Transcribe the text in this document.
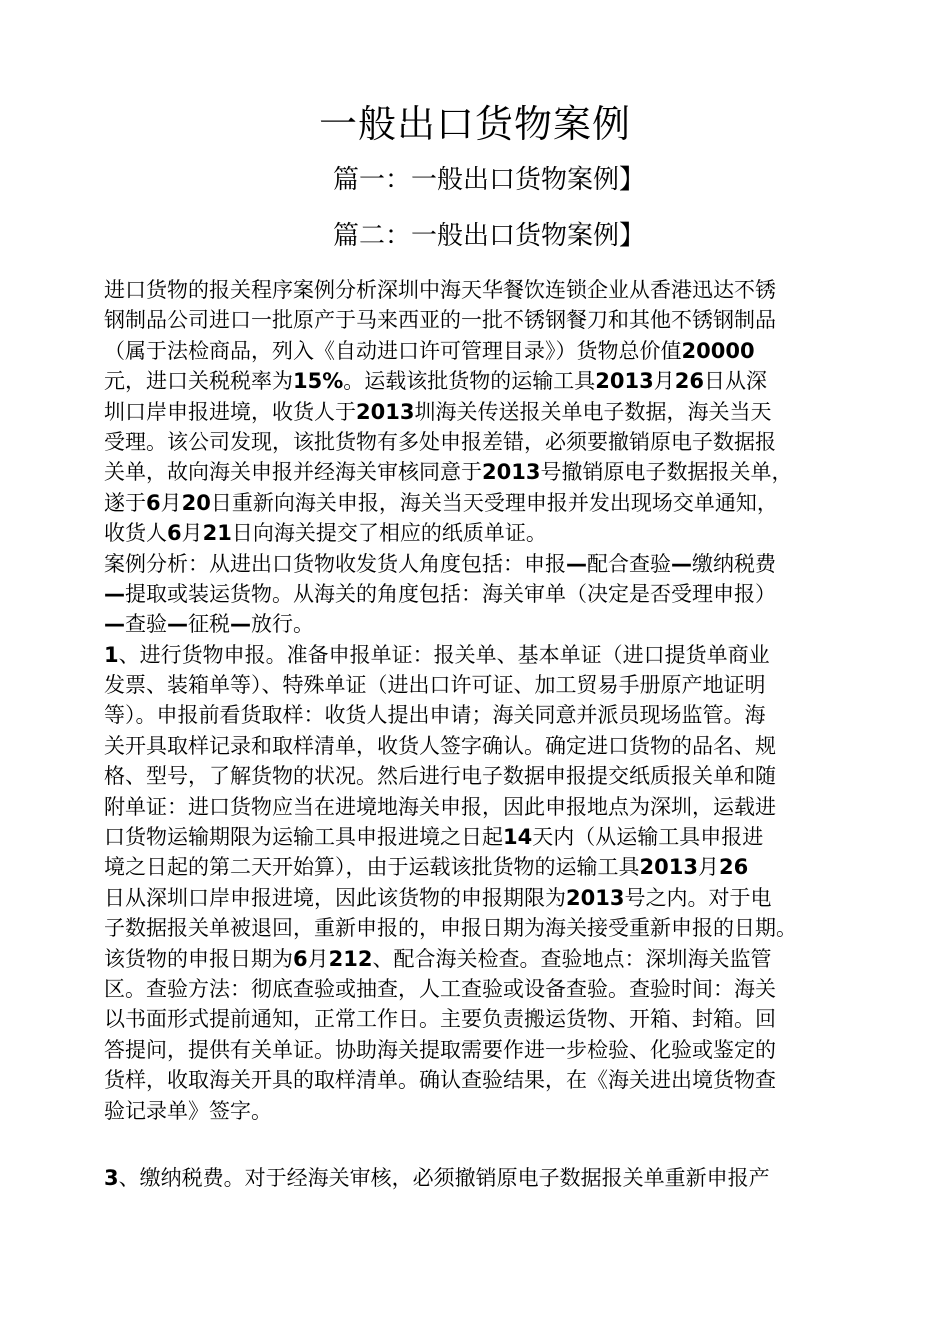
一般出口货物案例
篇一：一般出口货物案例】
篇二：一般出口货物案例】
进口货物的报关程序案例分析深圳中海天华餐饮连锁企业从香港迅达不锈
钢制品公司进口一批原产于马来西亚的一批不锈钢餐刀和其他不锈钢制品
（属于法检商品，列入《自动进口许可管理目录》）货物总价值20000
元，进口关税税率为15%。运载该批货物的运输工具2013月26日从深
圳口岸申报进境，收货人于2013圳海关传送报关单电子数据，海关当天
受理。该公司发现，该批货物有多处申报差错，必须要撤销原电子数据报
关单，故向海关申报并经海关审核同意于2013号撤销原电子数据报关单，
遂于6月20日重新向海关申报，海关当天受理申报并发出现场交单通知，
收货人6月21日向海关提交了相应的纸质单证。
案例分析：从进出口货物收发货人角度包括：申报—配合查验—缴纳税费
—提取或装运货物。从海关的角度包括：海关审单（决定是否受理申报）
—查验—征税—放行。
1、进行货物申报。准备申报单证：报关单、基本单证（进口提货单商业
发票、装箱单等）、特殊单证（进出口许可证、加工贸易手册原产地证明
等）。申报前看货取样：收货人提出申请；海关同意并派员现场监管。海
关开具取样记录和取样清单，收货人签字确认。确定进口货物的品名、规
格、型号，了解货物的状况。然后进行电子数据申报提交纸质报关单和随
附单证：进口货物应当在进境地海关申报，因此申报地点为深圳，运载进
口货物运输期限为运输工具申报进境之日起14天内（从运输工具申报进
境之日起的第二天开始算），由于运载该批货物的运输工具2013月26
日从深圳口岸申报进境，因此该货物的申报期限为2013号之内。对于电
子数据报关单被退回，重新申报的，申报日期为海关接受重新申报的日期。
该货物的申报日期为6月212、配合海关检查。查验地点：深圳海关监管
区。查验方法：彻底查验或抽查，人工查验或设备查验。查验时间：海关
以书面形式提前通知，正常工作日。主要负责搬运货物、开箱、封箱。回
答提问，提供有关单证。协助海关提取需要作进一步检验、化验或鉴定的
货样，收取海关开具的取样清单。确认查验结果，在《海关进出境货物查
验记录单》签字。
3、缴纳税费。对于经海关审核，必须撤销原电子数据报关单重新申报产
